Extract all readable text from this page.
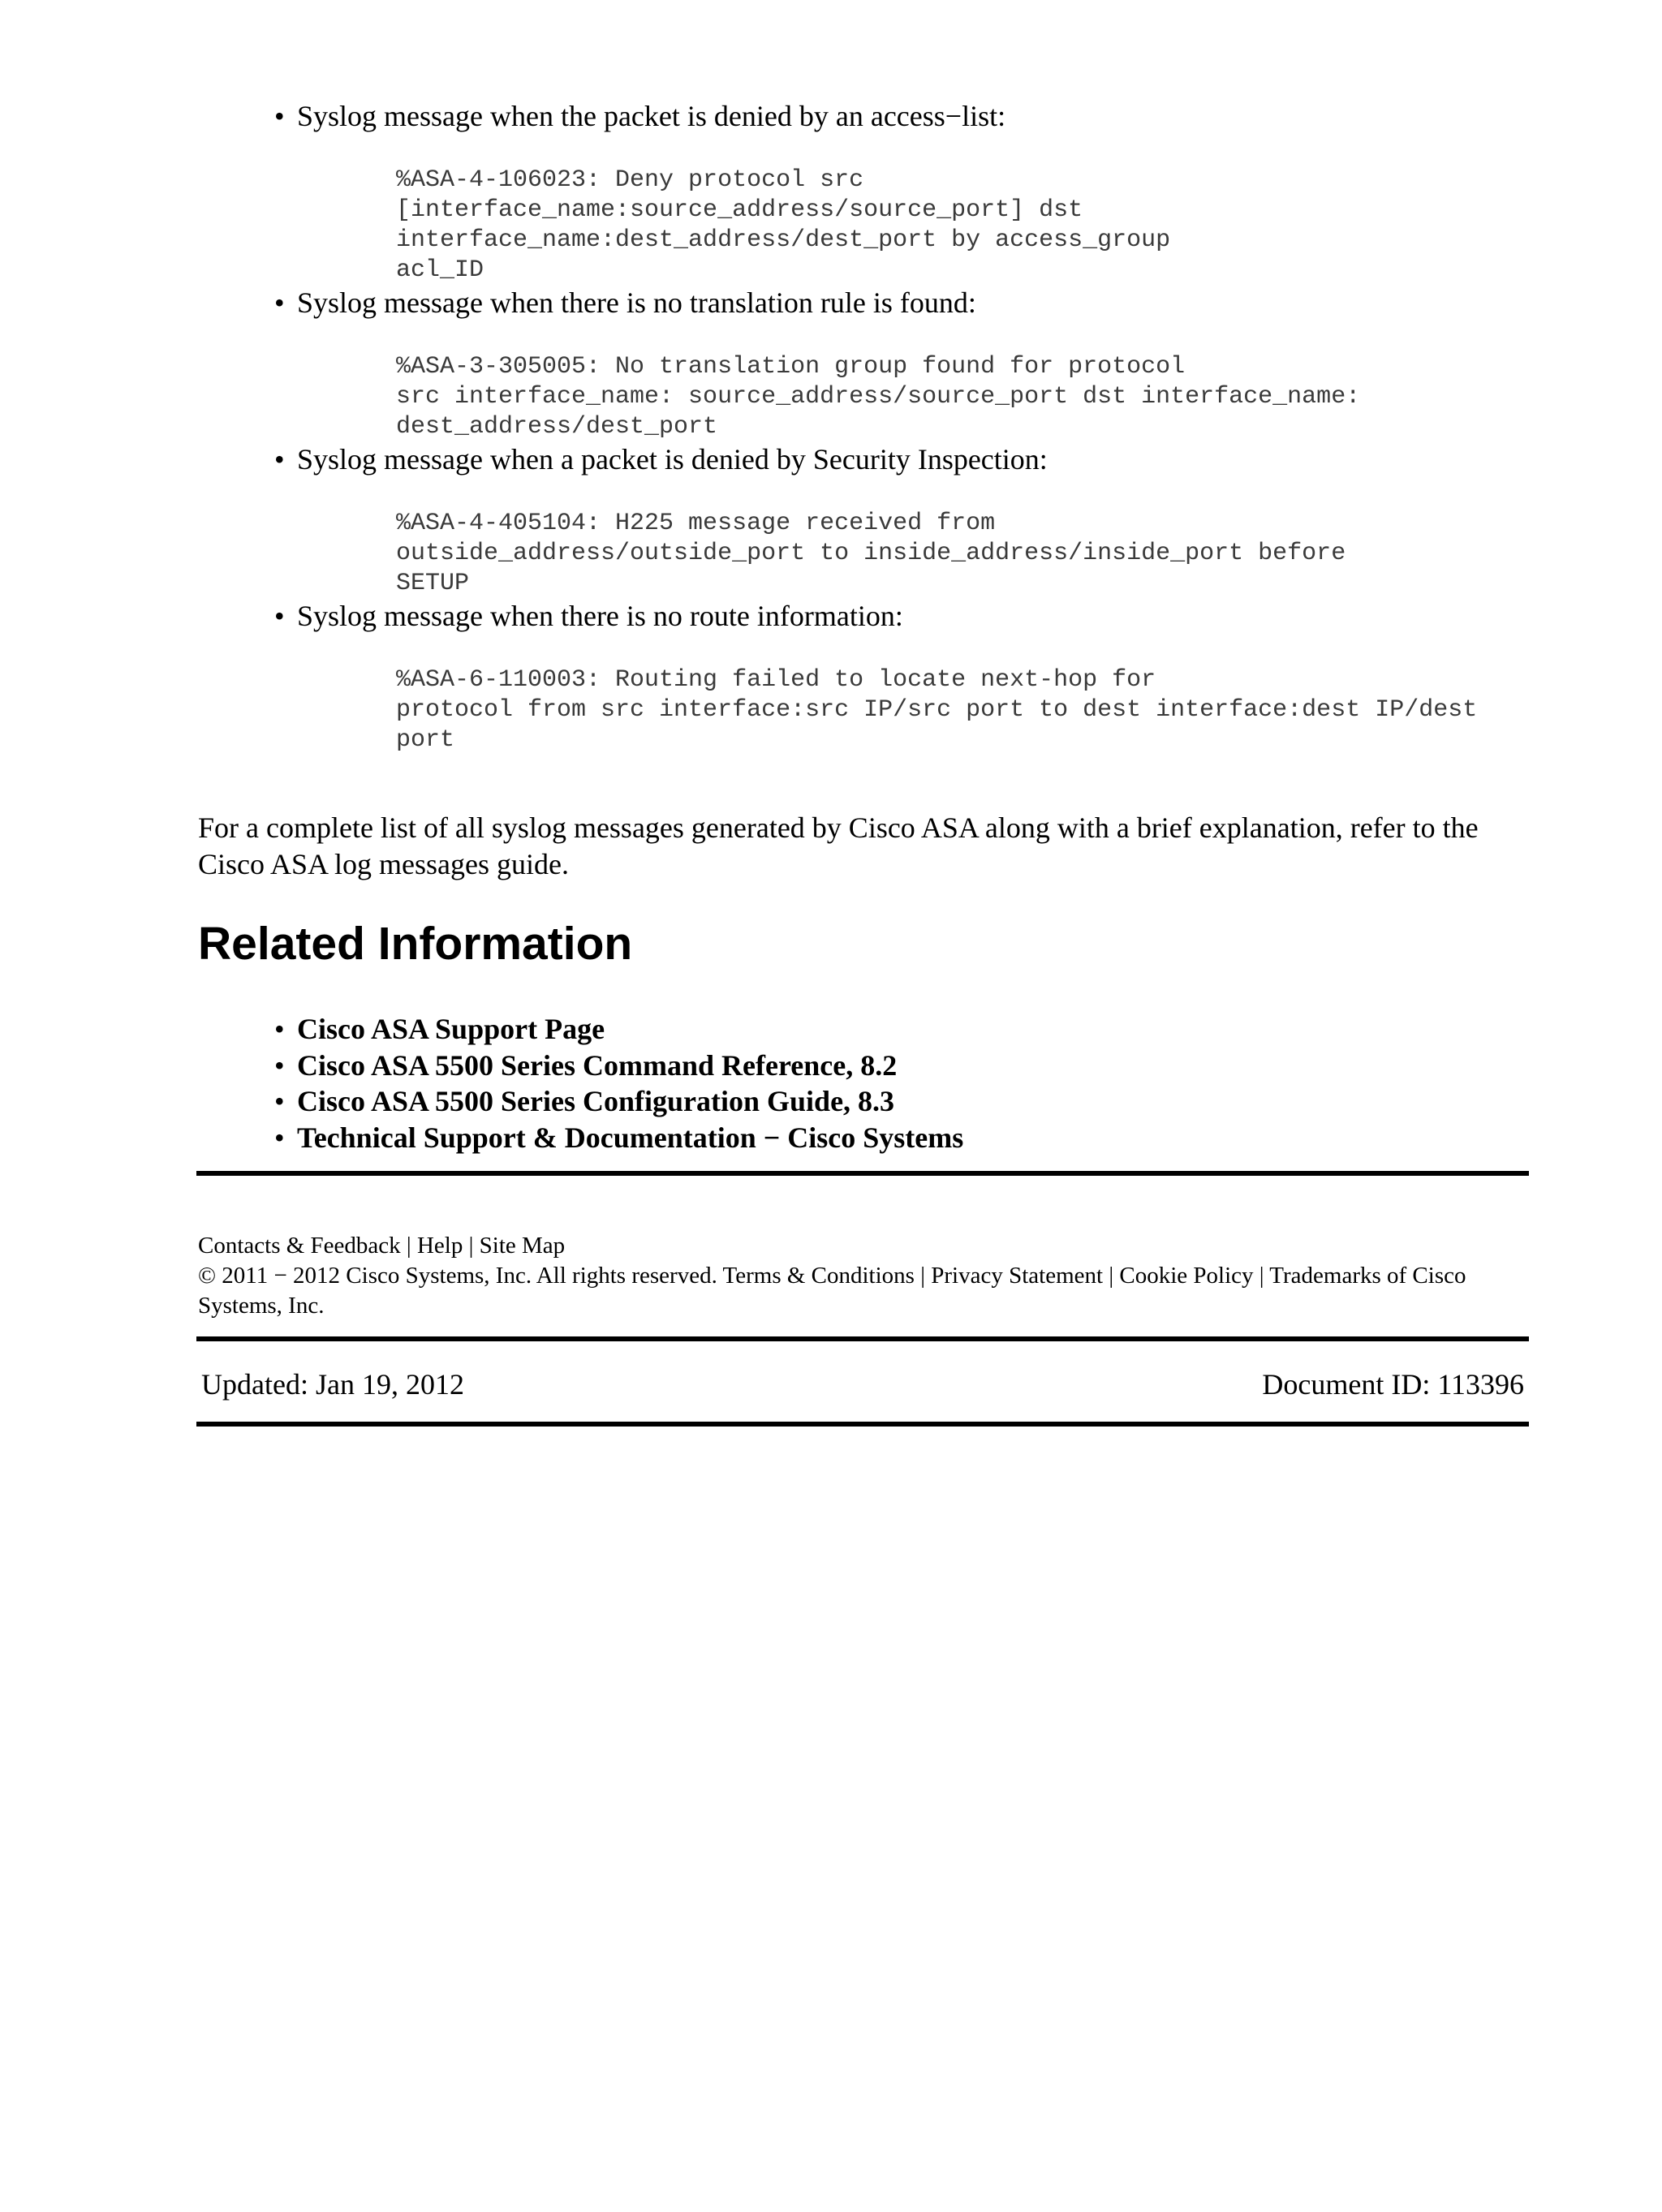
• Syslog message when the packet is denied by an access−list:
%ASA-4-106023: Deny protocol src
[interface_name:source_address/source_port] dst
interface_name:dest_address/dest_port by access_group
acl_ID
• Syslog message when there is no translation rule is found:
%ASA-3-305005: No translation group found for protocol
src interface_name: source_address/source_port dst interface_name:
dest_address/dest_port
• Syslog message when a packet is denied by Security Inspection:
%ASA-4-405104: H225 message received from
outside_address/outside_port to inside_address/inside_port before
SETUP
• Syslog message when there is no route information:
%ASA-6-110003: Routing failed to locate next-hop for
protocol from src interface:src IP/src port to dest interface:dest IP/dest
port

For a complete list of all syslog messages generated by Cisco ASA along with a brief explanation, refer to the Cisco ASA log messages guide.

Related Information
• Cisco ASA Support Page
• Cisco ASA 5500 Series Command Reference, 8.2
• Cisco ASA 5500 Series Configuration Guide, 8.3
• Technical Support & Documentation − Cisco Systems

Contacts & Feedback | Help | Site Map

© 2011 − 2012 Cisco Systems, Inc. All rights reserved. Terms & Conditions | Privacy Statement | Cookie Policy | Trademarks of Cisco Systems, Inc.

Updated: Jan 19, 2012	Document ID: 113396
